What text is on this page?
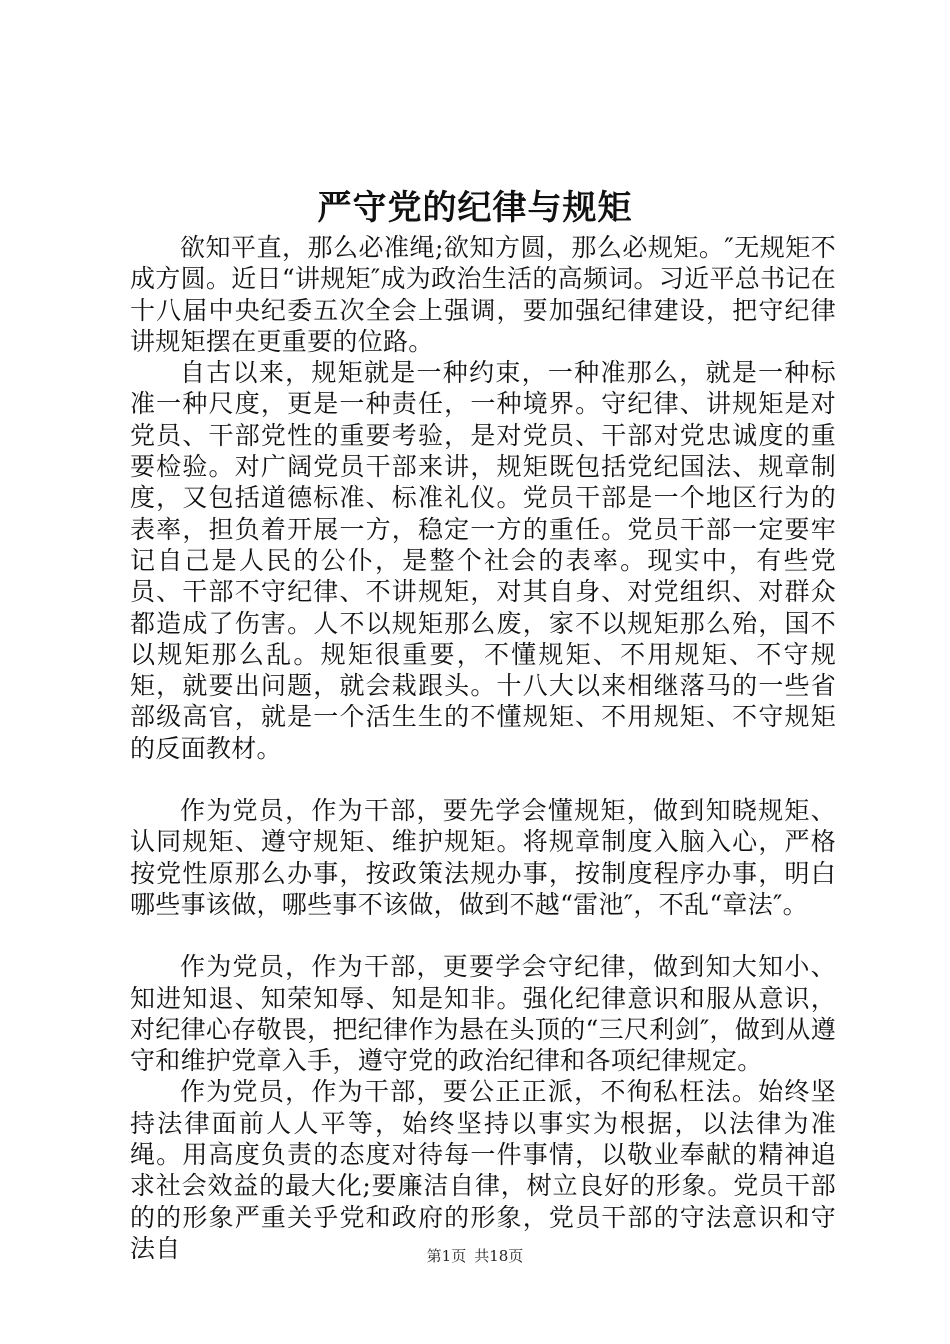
严守党的纪律与规矩

欲知平直，那么必准绳;欲知方圆，那么必规矩。″无规矩不成方圆。近日“讲规矩″成为政治生活的高频词。习近平总书记在十八届中央纪委五次全会上强调，要加强纪律建设，把守纪律讲规矩摆在更重要的位路。

自古以来，规矩就是一种约束，一种准那么，就是一种标准一种尺度，更是一种责任，一种境界。守纪律、讲规矩是对党员、干部党性的重要考验，是对党员、干部对党忠诚度的重要检验。对广阔党员干部来讲，规矩既包括党纪国法、规章制度，又包括道德标准、标准礼仪。党员干部是一个地区行为的表率，担负着开展一方，稳定一方的重任。党员干部一定要牢记自己是人民的公仆，是整个社会的表率。现实中，有些党员、干部不守纪律、不讲规矩，对其自身、对党组织、对群众都造成了伤害。人不以规矩那么废，家不以规矩那么殆，国不以规矩那么乱。规矩很重要，不懂规矩、不用规矩、不守规矩，就要出问题，就会栽跟头。十八大以来相继落马的一些省部级高官，就是一个活生生的不懂规矩、不用规矩、不守规矩的反面教材。

作为党员，作为干部，要先学会懂规矩，做到知晓规矩、认同规矩、遵守规矩、维护规矩。将规章制度入脑入心，严格按党性原那么办事，按政策法规办事，按制度程序办事，明白哪些事该做，哪些事不该做，做到不越“雷池″，不乱“章法″。

作为党员，作为干部，更要学会守纪律，做到知大知小、知进知退、知荣知辱、知是知非。强化纪律意识和服从意识，对纪律心存敬畏，把纪律作为悬在头顶的“三尺利剑″，做到从遵守和维护党章入手，遵守党的政治纪律和各项纪律规定。

作为党员，作为干部，要公正正派，不徇私枉法。始终坚持法律面前人人平等，始终坚持以事实为根据，以法律为准绳。用高度负责的态度对待每一件事情，以敬业奉献的精神追求社会效益的最大化;要廉洁自律，树立良好的形象。党员干部的的形象严重关乎党和政府的形象，党员干部的守法意识和守法自	第1页 共18页
